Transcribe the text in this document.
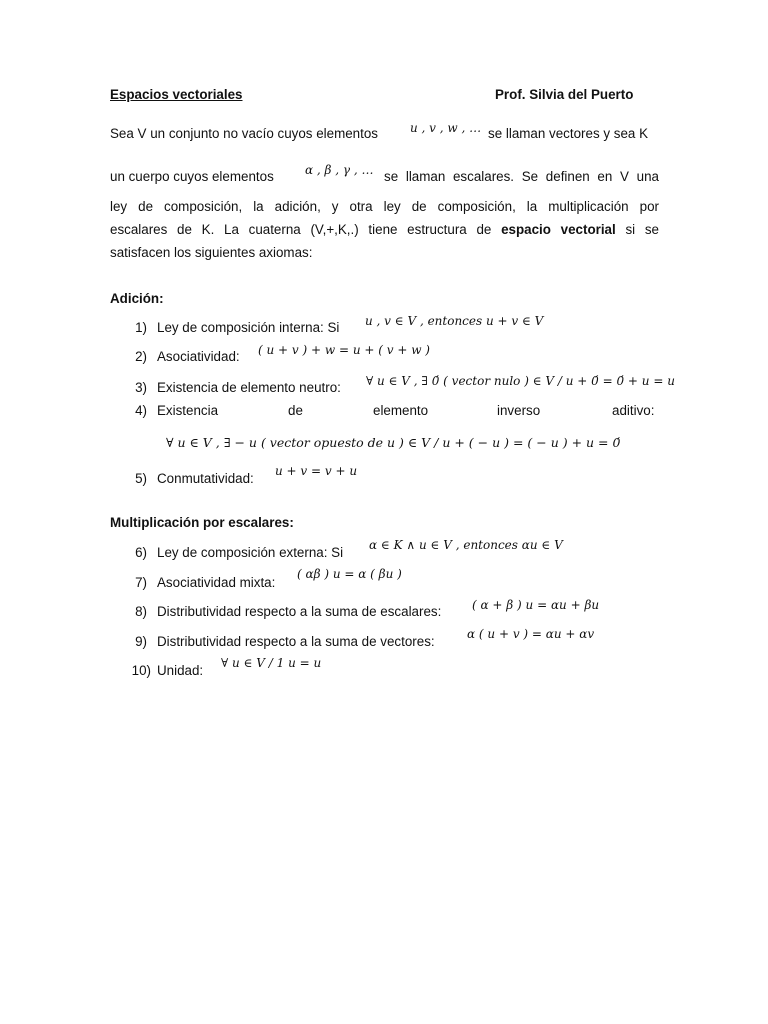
Espacios vectoriales	Prof. Silvia del Puerto
Sea V un conjunto no vacío cuyos elementos	u , v , w , … se llaman vectores y sea K
un cuerpo cuyos elementos	α , β , γ , … se llaman escalares. Se definen en V una
ley de composición, la adición, y otra ley de composición, la multiplicación por
escalares de K. La cuaterna (V,+,K,.) tiene estructura de espacio vectorial si se
satisfacen los siguientes axiomas:
Adición:
1) Ley de composición interna: Si u , v ∈ V , entonces u + v ∈ V
2) Asociatividad: ( u + v ) + w = u + ( v + w )
3) Existencia de elemento neutro: ∀ u ∈ V , ∃ 0́ ( vector nulo ) ∈ V / u + 0́ = 0́ + u = u
4) Existencia	de	elemento	inverso	aditivo:
∀ u ∈ V , ∃ − u ( vector opuesto de u ) ∈ V / u + ( − u ) = ( − u ) + u = 0́
5) Conmutatividad: u + v = v + u
Multiplicación por escalares:
6) Ley de composición externa: Si α ∈ K ∧ u ∈ V , entonces αu ∈ V
7) Asociatividad mixta:
( αβ ) u = α ( βu )
8) Distributividad respecto a la suma de escalares:	( α + β ) u = αu + βu
9) Distributividad respecto a la suma de vectores:	α ( u + v ) = αu + αv
10) Unidad: ∀ u ∈ V / 1 u = u
